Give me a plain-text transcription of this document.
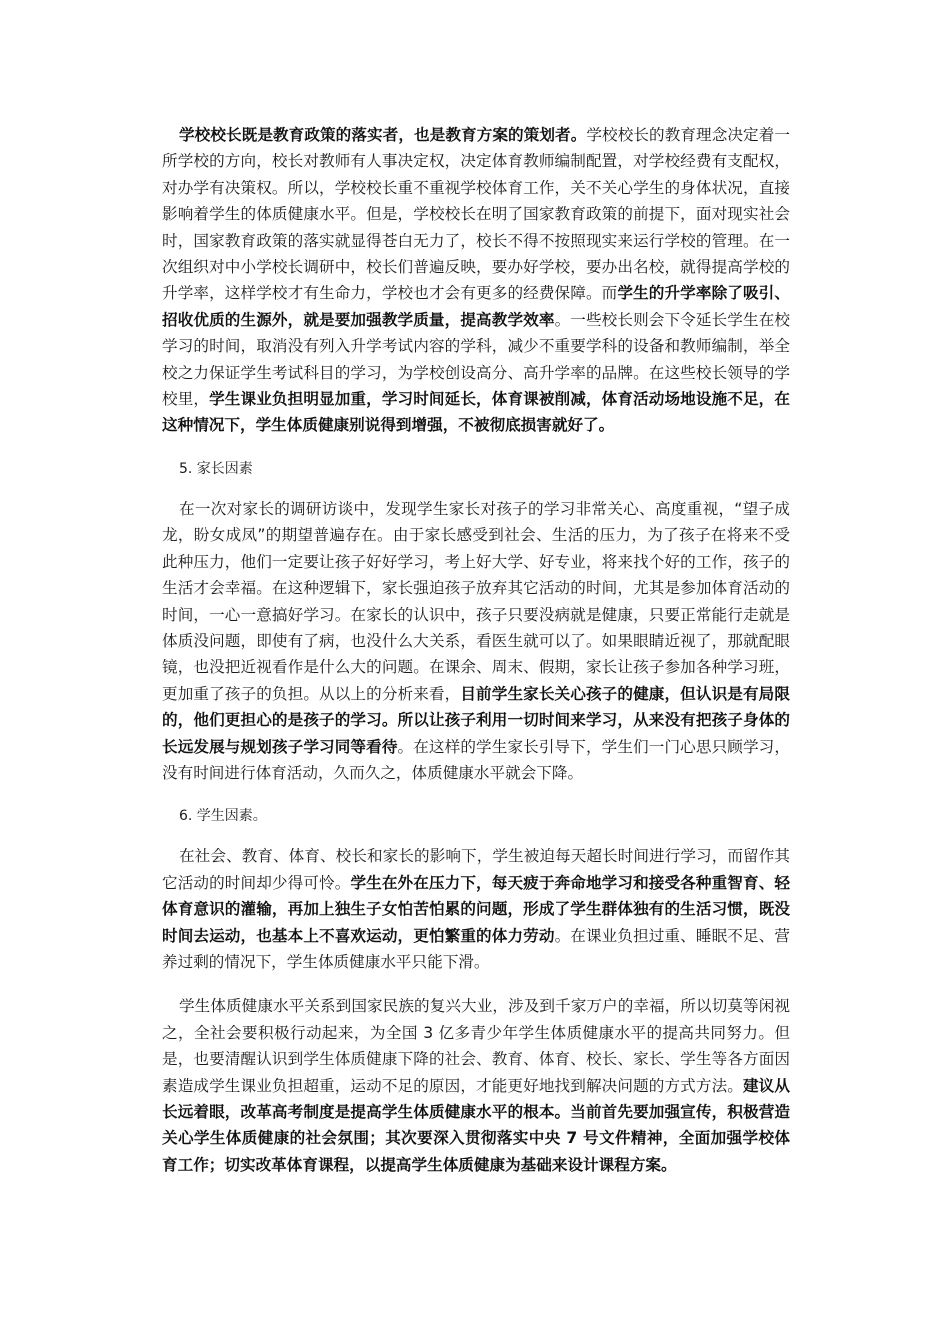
学校校长既是教育政策的落实者，也是教育方案的策划者。学校校长的教育理念决定着一所学校的方向，校长对教师有人事决定权，决定体育教师编制配置，对学校经费有支配权，对办学有决策权。所以，学校校长重不重视学校体育工作，关不关心学生的身体状况，直接影响着学生的体质健康水平。但是，学校校长在明了国家教育政策的前提下，面对现实社会时，国家教育政策的落实就显得苍白无力了，校长不得不按照现实来运行学校的管理。在一次组织对中小学校长调研中，校长们普遍反映，要办好学校，要办出名校，就得提高学校的升学率，这样学校才有生命力，学校也才会有更多的经费保障。而学生的升学率除了吸引、招收优质的生源外，就是要加强教学质量，提高教学效率。一些校长则会下令延长学生在校学习的时间，取消没有列入升学考试内容的学科，减少不重要学科的设备和教师编制，举全校之力保证学生考试科目的学习，为学校创设高分、高升学率的品牌。在这些校长领导的学校里，学生课业负担明显加重，学习时间延长，体育课被削减，体育活动场地设施不足，在这种情况下，学生体质健康别说得到增强，不被彻底损害就好了。

5. 家长因素

在一次对家长的调研访谈中，发现学生家长对孩子的学习非常关心、高度重视，“望子成龙，盼女成凤”的期望普遍存在。由于家长感受到社会、生活的压力，为了孩子在将来不受此种压力，他们一定要让孩子好好学习，考上好大学、好专业，将来找个好的工作，孩子的生活才会幸福。在这种逻辑下，家长强迫孩子放弃其它活动的时间，尤其是参加体育活动的时间，一心一意搞好学习。在家长的认识中，孩子只要没病就是健康，只要正常能行走就是体质没问题，即使有了病，也没什么大关系，看医生就可以了。如果眼睛近视了，那就配眼镜，也没把近视看作是什么大的问题。在课余、周末、假期，家长让孩子参加各种学习班，更加重了孩子的负担。从以上的分析来看，目前学生家长关心孩子的健康，但认识是有局限的，他们更担心的是孩子的学习。所以让孩子利用一切时间来学习，从来没有把孩子身体的长远发展与规划孩子学习同等看待。在这样的学生家长引导下，学生们一门心思只顾学习，没有时间进行体育活动，久而久之，体质健康水平就会下降。

6. 学生因素。

在社会、教育、体育、校长和家长的影响下，学生被迫每天超长时间进行学习，而留作其它活动的时间却少得可怜。学生在外在压力下，每天疲于奔命地学习和接受各种重智育、轻体育意识的灌输，再加上独生子女怕苦怕累的问题，形成了学生群体独有的生活习惯，既没时间去运动，也基本上不喜欢运动，更怕繁重的体力劳动。在课业负担过重、睡眠不足、营养过剩的情况下，学生体质健康水平只能下滑。

学生体质健康水平关系到国家民族的复兴大业，涉及到千家万户的幸福，所以切莫等闲视之，全社会要积极行动起来，为全国 3 亿多青少年学生体质健康水平的提高共同努力。但是，也要清醒认识到学生体质健康下降的社会、教育、体育、校长、家长、学生等各方面因素造成学生课业负担超重，运动不足的原因，才能更好地找到解决问题的方式方法。建议从长远着眼，改革高考制度是提高学生体质健康水平的根本。当前首先要加强宣传，积极营造关心学生体质健康的社会氛围；其次要深入贯彻落实中央 7 号文件精神，全面加强学校体育工作；切实改革体育课程，以提高学生体质健康为基础来设计课程方案。
